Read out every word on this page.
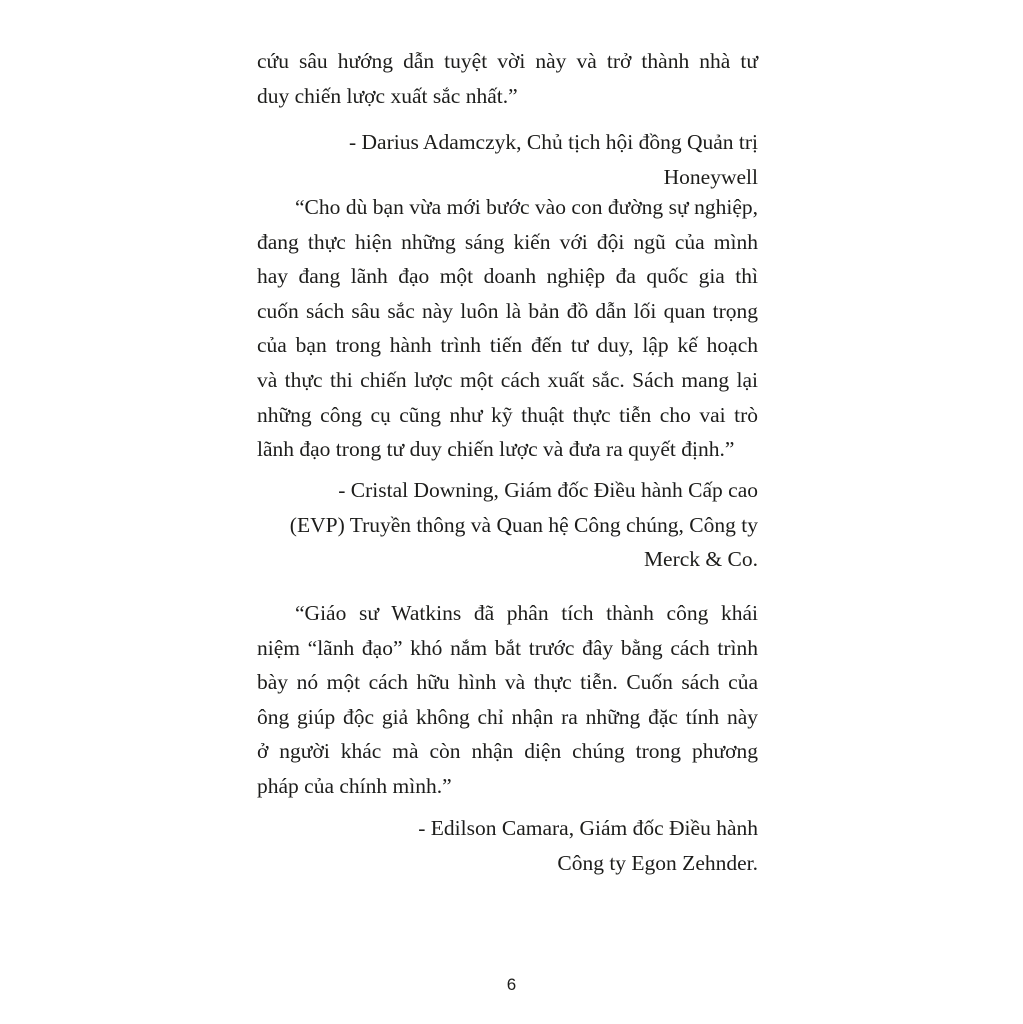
cứu sâu hướng dẫn tuyệt vời này và trở thành nhà tư
duy chiến lược xuất sắc nhất.”

- Darius Adamczyk, Chủ tịch hội đồng Quản trị Honeywell

“Cho dù bạn vừa mới bước vào con đường sự nghiệp,
đang thực hiện những sáng kiến với đội ngũ của mình
hay đang lãnh đạo một doanh nghiệp đa quốc gia thì
cuốn sách sâu sắc này luôn là bản đồ dẫn lối quan trọng
của bạn trong hành trình tiến đến tư duy, lập kế hoạch
và thực thi chiến lược một cách xuất sắc. Sách mang lại
những công cụ cũng như kỹ thuật thực tiễn cho vai trò
lãnh đạo trong tư duy chiến lược và đưa ra quyết định.”

- Cristal Downing, Giám đốc Điều hành Cấp cao
(EVP) Truyền thông và Quan hệ Công chúng, Công ty
Merck & Co.

“Giáo sư Watkins đã phân tích thành công khái
niệm “lãnh đạo” khó nắm bắt trước đây bằng cách trình
bày nó một cách hữu hình và thực tiễn. Cuốn sách của
ông giúp độc giả không chỉ nhận ra những đặc tính này
ở người khác mà còn nhận diện chúng trong phương
pháp của chính mình.”

- Edilson Camara, Giám đốc Điều hành
Công ty Egon Zehnder.

6
